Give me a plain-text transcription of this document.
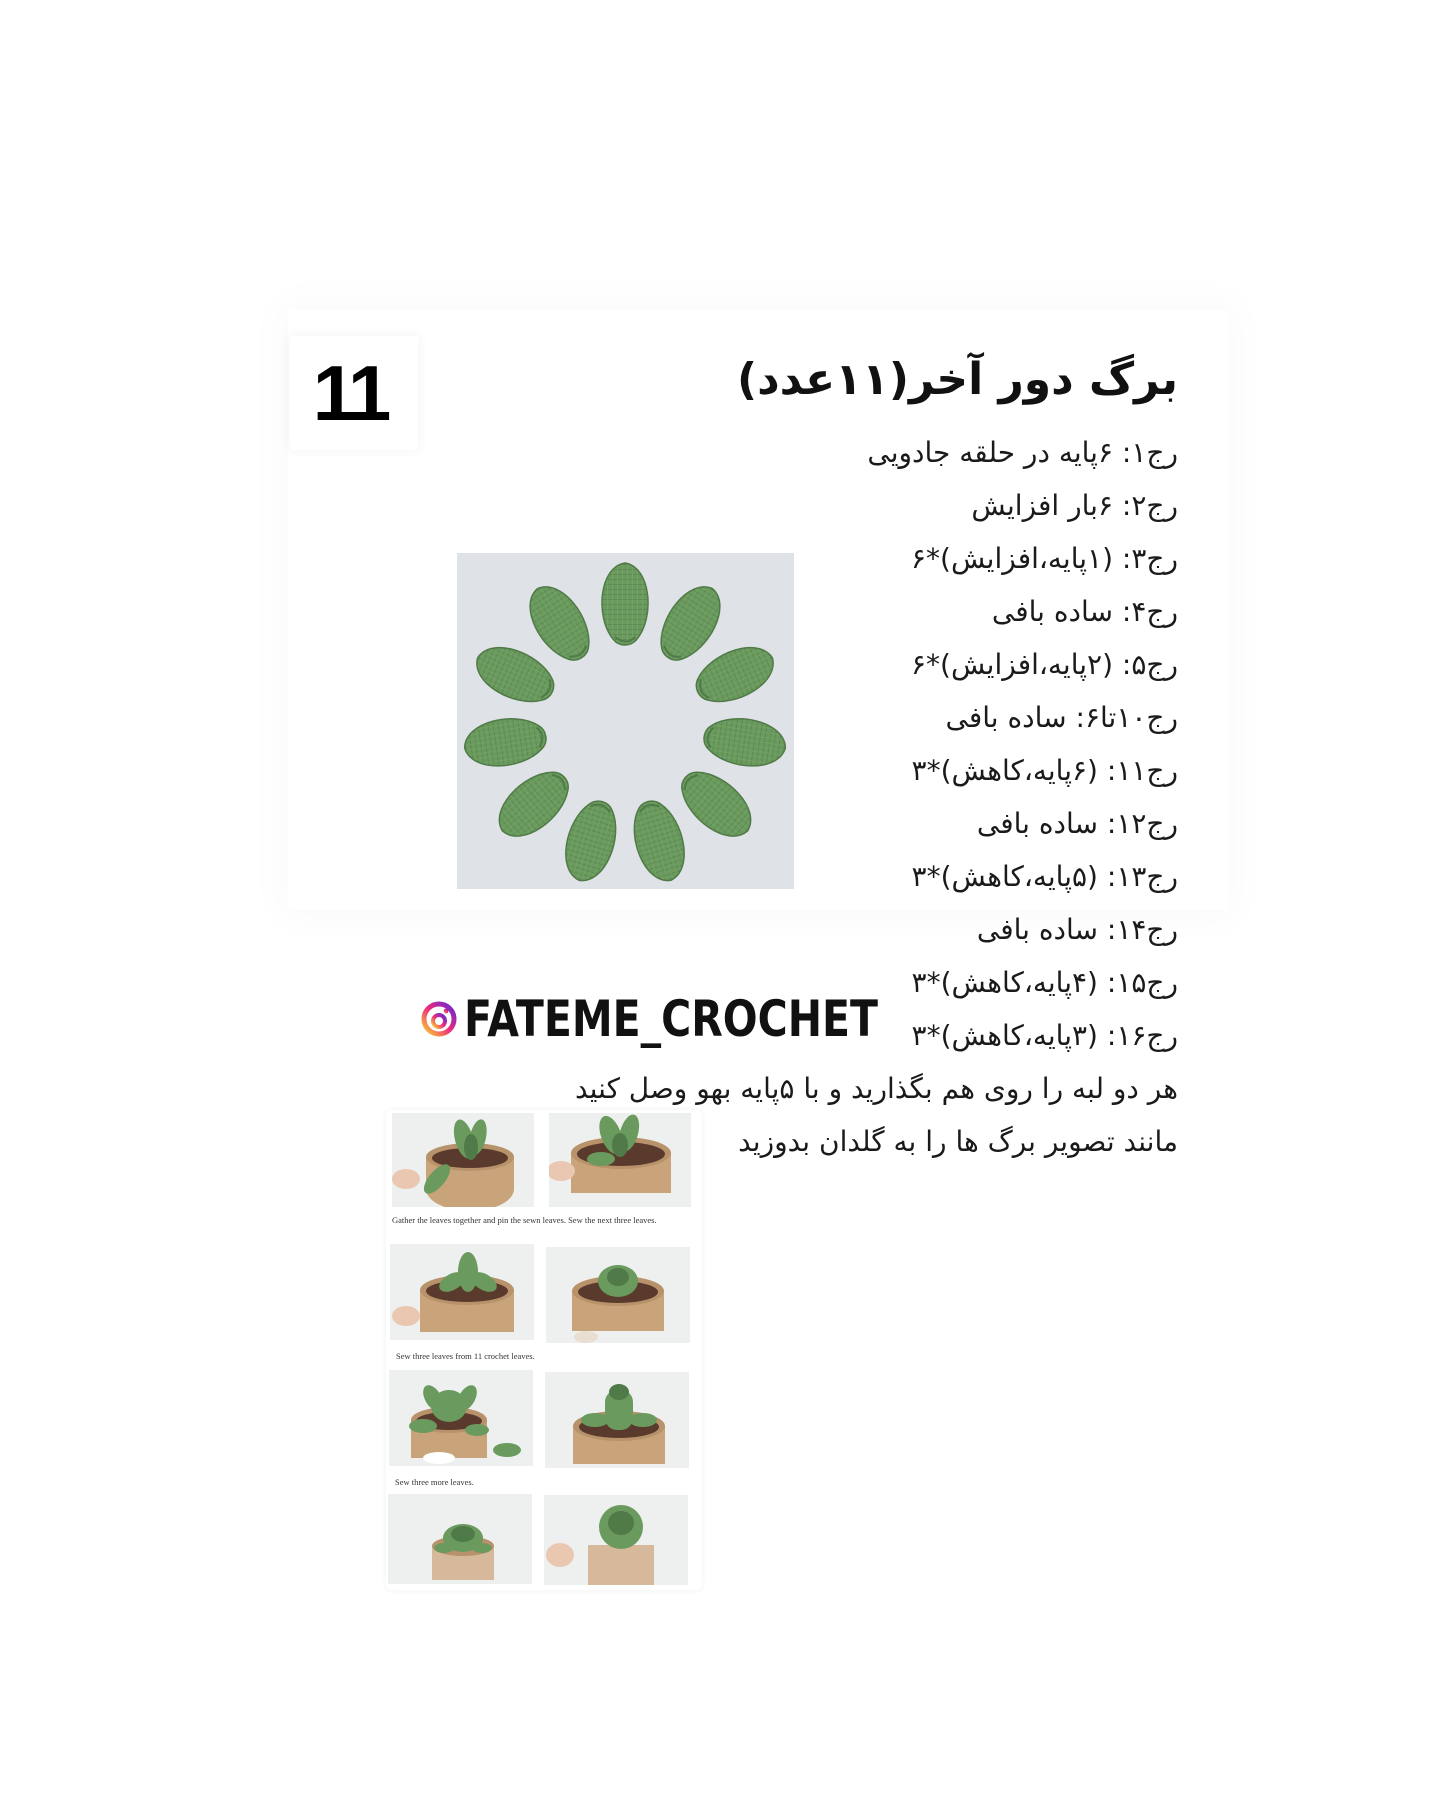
11	برگ دور آخر(۱۱عدد)
رج۱: ۶پایه در حلقه جادویی
رج۲: ۶بار افزایش
رج۳: (۱پایه،افزایش)*۶
رج۴: ساده بافی
رج۵: (۲پایه،افزایش)*۶
رج۱۰تا۶: ساده بافی
رج۱۱: (۶پایه،کاهش)*۳
رج۱۲: ساده بافی
رج۱۳: (۵پایه،کاهش)*۳
رج۱۴: ساده بافی
رج۱۵: (۴پایه،کاهش)*۳
رج۱۶: (۳پایه،کاهش)*۳
هر دو لبه را روی هم بگذارید و با ۵پایه بهو وصل کنید
مانند تصویر برگ ها را به گلدان بدوزید
FATEME_CROCHET
Gather the leaves together and pin the sewn leaves. Sew the next three leaves.
Sew three leaves from 11 crochet leaves.
Sew three more leaves.
